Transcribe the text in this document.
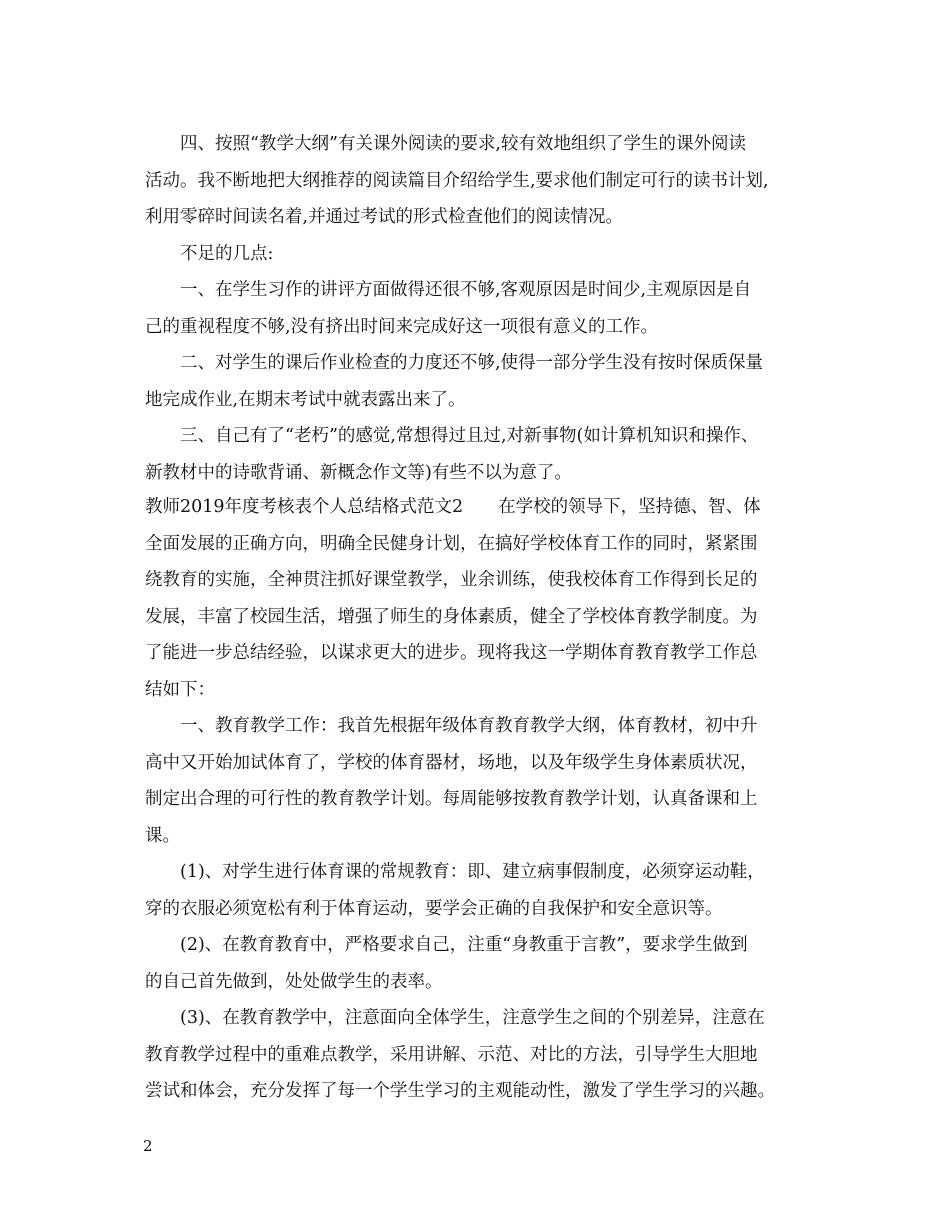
四、按照“教学大纲”有关课外阅读的要求,较有效地组织了学生的课外阅读
活动。我不断地把大纲推荐的阅读篇目介绍给学生,要求他们制定可行的读书计划,
利用零碎时间读名着,并通过考试的形式检查他们的阅读情况。
不足的几点:
一、在学生习作的讲评方面做得还很不够,客观原因是时间少,主观原因是自
己的重视程度不够,没有挤出时间来完成好这一项很有意义的工作。
二、对学生的课后作业检查的力度还不够,使得一部分学生没有按时保质保量
地完成作业,在期末考试中就表露出来了。
三、自己有了“老朽”的感觉,常想得过且过,对新事物(如计算机知识和操作、
新教材中的诗歌背诵、新概念作文等)有些不以为意了。
教师2019年度考核表个人总结格式范文2　　在学校的领导下，坚持德、智、体
全面发展的正确方向，明确全民健身计划，在搞好学校体育工作的同时，紧紧围
绕教育的实施，全神贯注抓好课堂教学，业余训练，使我校体育工作得到长足的
发展，丰富了校园生活，增强了师生的身体素质，健全了学校体育教学制度。为
了能进一步总结经验，以谋求更大的进步。现将我这一学期体育教育教学工作总
结如下：
一、教育教学工作：我首先根据年级体育教育教学大纲，体育教材，初中升
高中又开始加试体育了，学校的体育器材，场地，以及年级学生身体素质状况，
制定出合理的可行性的教育教学计划。每周能够按教育教学计划，认真备课和上
课。
(1)、对学生进行体育课的常规教育：即、建立病事假制度，必须穿运动鞋，
穿的衣服必须宽松有利于体育运动，要学会正确的自我保护和安全意识等。
(2)、在教育教育中，严格要求自己，注重“身教重于言教”，要求学生做到
的自己首先做到，处处做学生的表率。
(3)、在教育教学中，注意面向全体学生，注意学生之间的个别差异，注意在
教育教学过程中的重难点教学，采用讲解、示范、对比的方法，引导学生大胆地
尝试和体会，充分发挥了每一个学生学习的主观能动性，激发了学生学习的兴趣。
2
